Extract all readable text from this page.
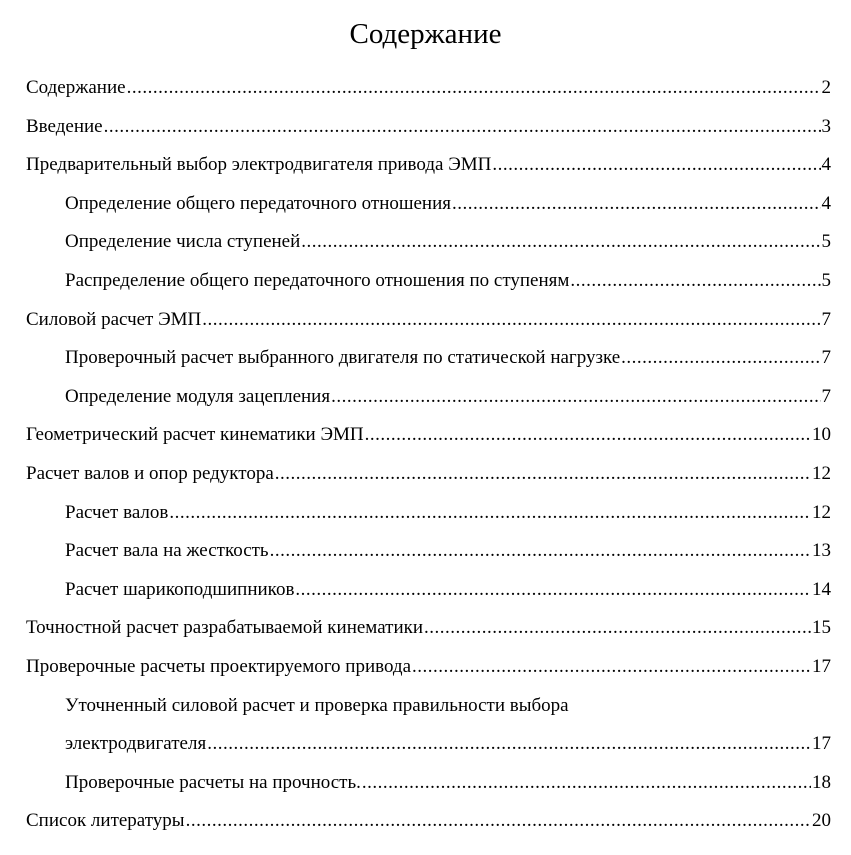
Содержание
Содержание .....	2
Введение .....	3
Предварительный выбор электродвигателя привода ЭМП .....	4
Определение общего передаточного отношения .....	4
Определение числа ступеней .....	5
Распределение общего передаточного отношения по ступеням .....	5
Силовой расчет ЭМП .....	7
Проверочный расчет выбранного двигателя по статической нагрузке .....	7
Определение модуля зацепления .....	7
Геометрический расчет кинематики ЭМП .....	10
Расчет валов и опор редуктора .....	12
Расчет валов .....	12
Расчет вала на жесткость .....	13
Расчет шарикоподшипников .....	14
Точностной расчет разрабатываемой кинематики .....	15
Проверочные расчеты проектируемого привода .....	17
Уточненный силовой расчет и проверка правильности выбора
электродвигателя .....	17
Проверочные расчеты на прочность. .....	18
Список литературы .....	20
